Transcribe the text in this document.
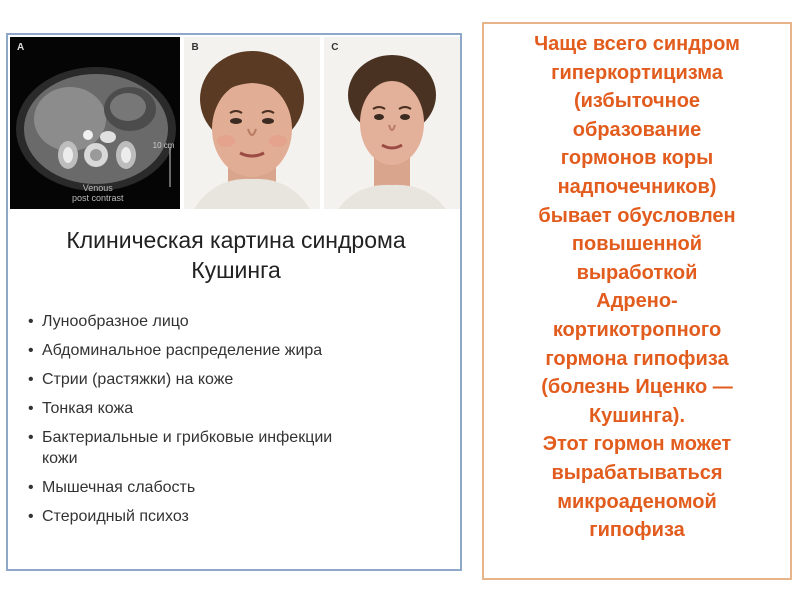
A
10 cm
Venous
post contrast
B	C
Клиническая картина синдрома
Кушинга
• Лунообразное лицо
• Абдоминальное распределение жира
• Стрии (растяжки) на коже
• Тонкая кожа
• Бактериальные и грибковые инфекции
кожи
• Мышечная слабость
• Стероидный психоз
Чаще всего синдром
гиперкортицизма
(избыточное
образование
гормонов коры
надпочечников)
бывает обусловлен
повышенной
выработкой
Адрено-
кортикотропного
гормона гипофиза
(болезнь Иценко —
Кушинга).
Этот гормон может
вырабатываться
микроаденомой
гипофиза
